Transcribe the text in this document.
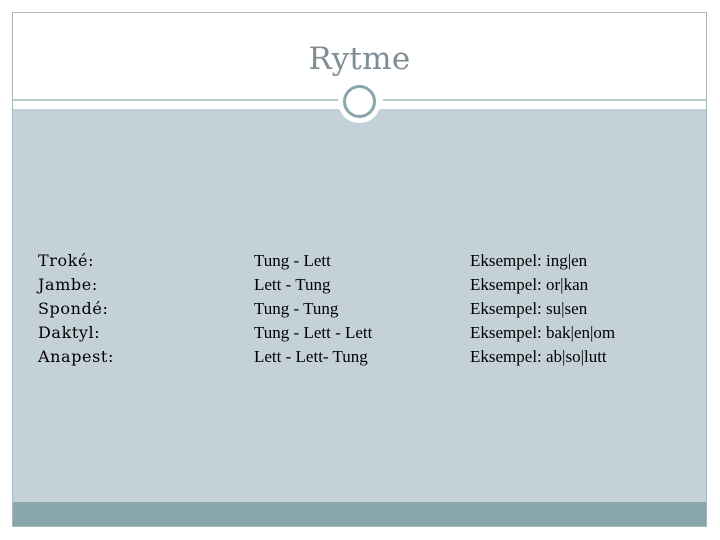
Rytme
Troké:
Jambe:
Spondé:
Daktyl:
Anapest:
Tung - Lett
Lett - Tung
Tung - Tung
Tung - Lett - Lett
Lett - Lett- Tung
Eksempel: ing|en
Eksempel: or|kan
Eksempel: su|sen
Eksempel: bak|en|om
Eksempel: ab|so|lutt
